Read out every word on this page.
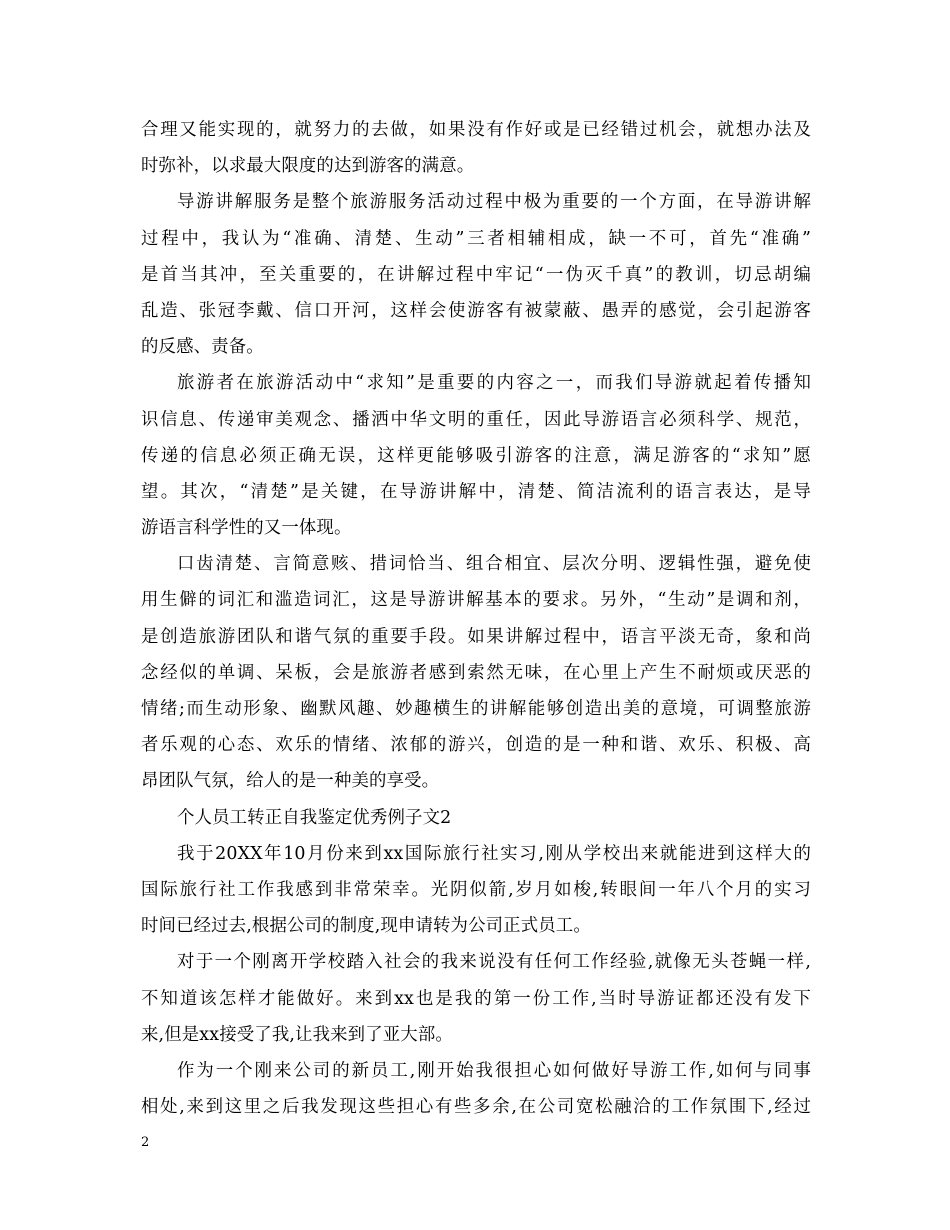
合理又能实现的，就努力的去做，如果没有作好或是已经错过机会，就想办法及
时弥补，以求最大限度的达到游客的满意。
导游讲解服务是整个旅游服务活动过程中极为重要的一个方面，在导游讲解
过程中，我认为“准确、清楚、生动”三者相辅相成，缺一不可，首先“准确”
是首当其冲，至关重要的，在讲解过程中牢记“一伪灭千真”的教训，切忌胡编
乱造、张冠李戴、信口开河，这样会使游客有被蒙蔽、愚弄的感觉，会引起游客
的反感、责备。
旅游者在旅游活动中“求知”是重要的内容之一，而我们导游就起着传播知
识信息、传递审美观念、播洒中华文明的重任，因此导游语言必须科学、规范，
传递的信息必须正确无误，这样更能够吸引游客的注意，满足游客的“求知”愿
望。其次，“清楚”是关键，在导游讲解中，清楚、简洁流利的语言表达，是导
游语言科学性的又一体现。
口齿清楚、言简意赅、措词恰当、组合相宜、层次分明、逻辑性强，避免使
用生僻的词汇和滥造词汇，这是导游讲解基本的要求。另外，“生动”是调和剂，
是创造旅游团队和谐气氛的重要手段。如果讲解过程中，语言平淡无奇，象和尚
念经似的单调、呆板，会是旅游者感到索然无味，在心里上产生不耐烦或厌恶的
情绪;而生动形象、幽默风趣、妙趣横生的讲解能够创造出美的意境，可调整旅游
者乐观的心态、欢乐的情绪、浓郁的游兴，创造的是一种和谐、欢乐、积极、高
昂团队气氛，给人的是一种美的享受。
个人员工转正自我鉴定优秀例子文2
我于20XX年10月份来到xx国际旅行社实习,刚从学校出来就能进到这样大的
国际旅行社工作我感到非常荣幸。光阴似箭,岁月如梭,转眼间一年八个月的实习
时间已经过去,根据公司的制度,现申请转为公司正式员工。
对于一个刚离开学校踏入社会的我来说没有任何工作经验,就像无头苍蝇一样,
不知道该怎样才能做好。来到xx也是我的第一份工作,当时导游证都还没有发下
来,但是xx接受了我,让我来到了亚大部。
作为一个刚来公司的新员工,刚开始我很担心如何做好导游工作,如何与同事
相处,来到这里之后我发现这些担心有些多余,在公司宽松融洽的工作氛围下,经过
2
